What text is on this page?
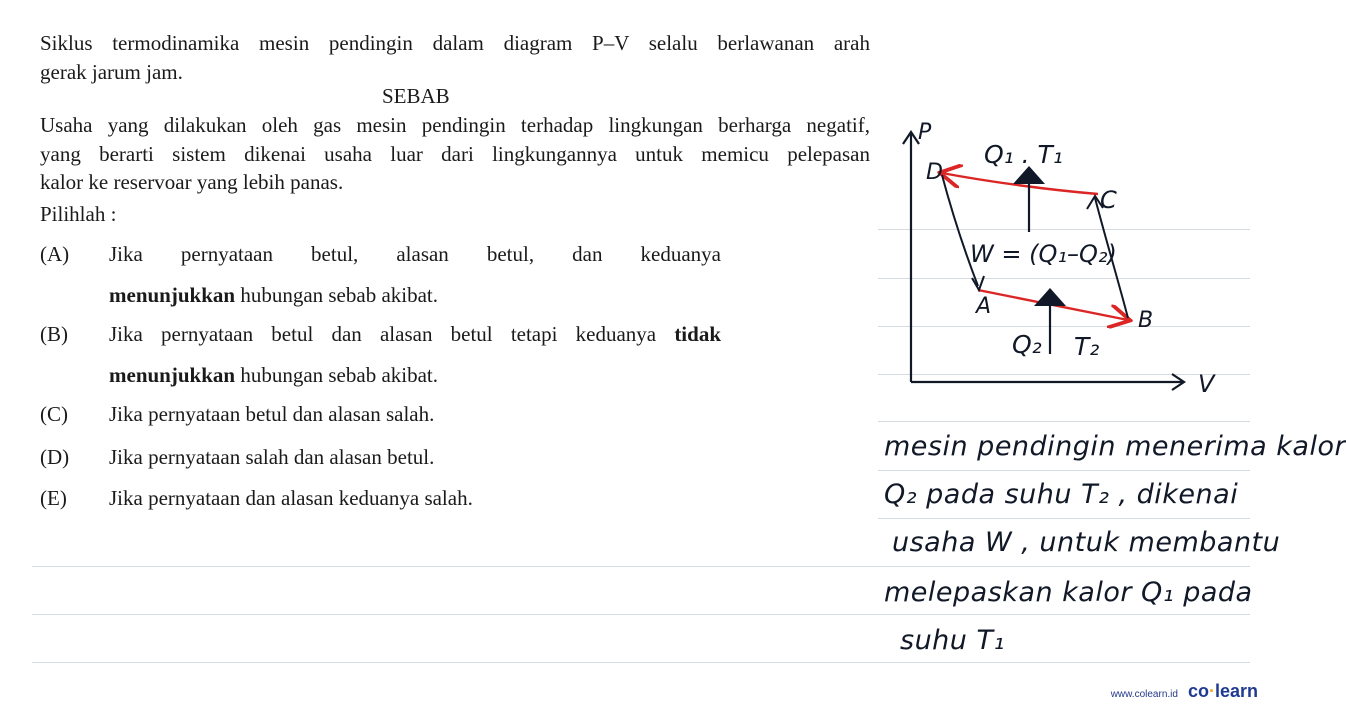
Siklus termodinamika mesin pendingin dalam diagram P–V selalu berlawanan arah
gerak jarum jam.
SEBAB
Usaha yang dilakukan oleh gas mesin pendingin terhadap lingkungan berharga negatif,
yang berarti sistem dikenai usaha luar dari lingkungannya untuk memicu pelepasan
kalor ke reservoar yang lebih panas.
Pilihlah :
(A) Jika pernyataan betul, alasan betul, dan keduanya
menunjukkan hubungan sebab akibat.
(B) Jika pernyataan betul dan alasan betul tetapi keduanya tidak
menunjukkan hubungan sebab akibat.
(C) Jika pernyataan betul dan alasan salah.
(D) Jika pernyataan salah dan alasan betul.
(E) Jika pernyataan dan alasan keduanya salah.
P
V
D
C
A
B
Q₁ . T₁
W = (Q₁–Q₂)
Q₂ T₂
mesin pendingin menerima kalor
Q₂ pada suhu T₂ , dikenai
usaha W , untuk membantu
melepaskan kalor Q₁ pada
suhu T₁
www.colearn.id co·learn
